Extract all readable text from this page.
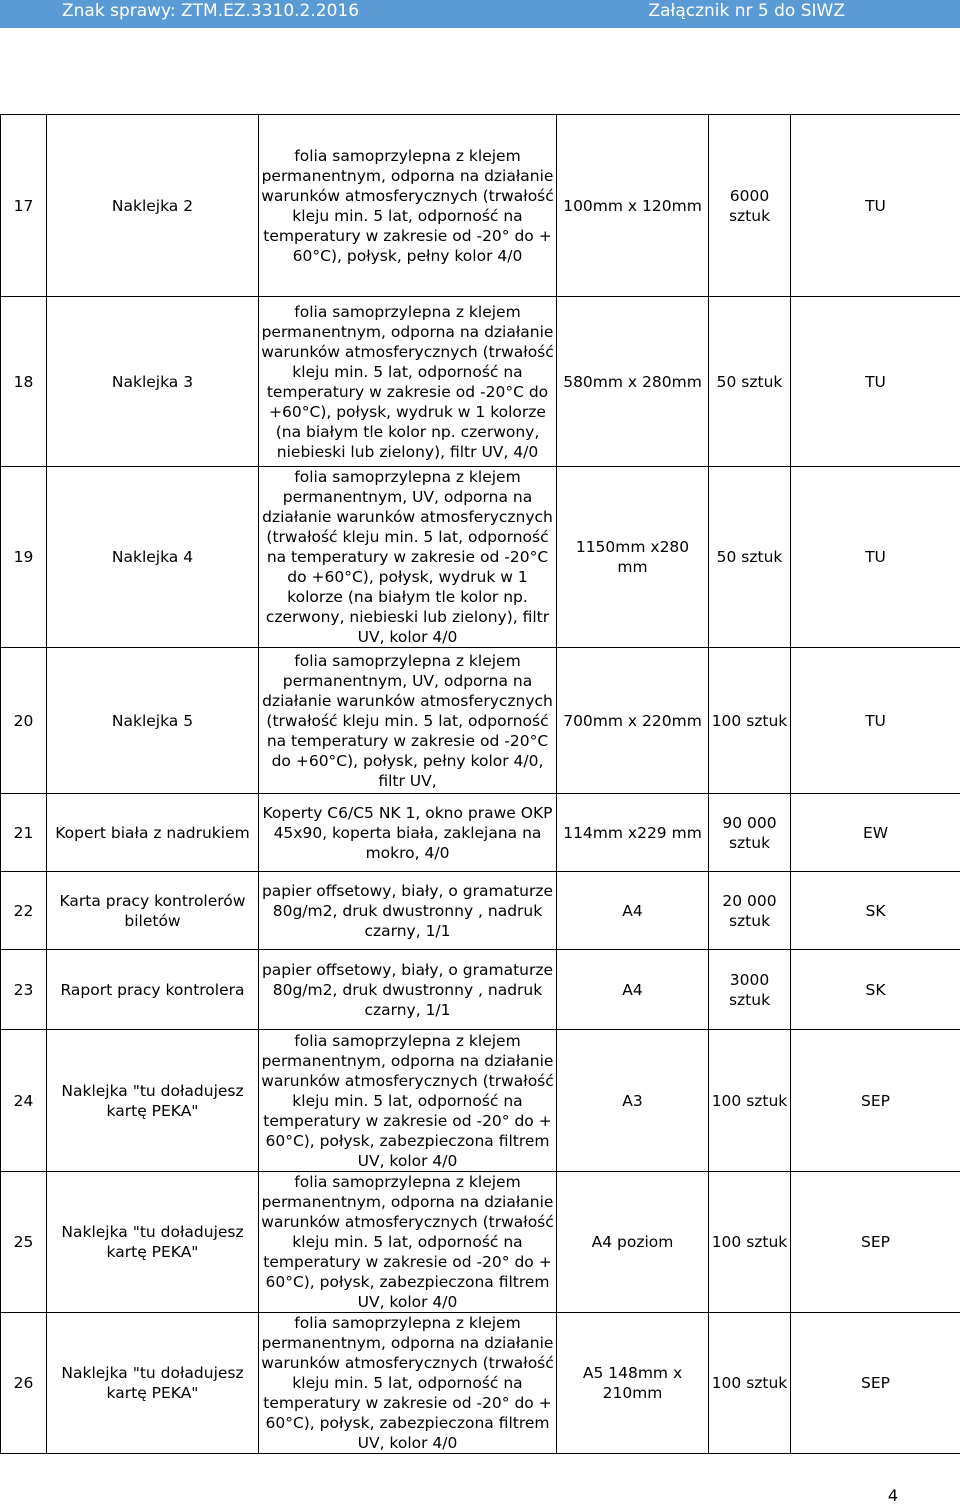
Znak sprawy: ZTM.EZ.3310.2.2016	Załącznik nr 5 do SIWZ
17	Naklejka 2	folia samoprzylepna z klejem permanentnym, odporna na działanie warunków atmosferycznych (trwałość kleju min. 5 lat, odporność na temperatury w zakresie od -20° do + 60°C), połysk, pełny kolor 4/0	100mm x 120mm	6000 sztuk	TU
18	Naklejka 3	folia samoprzylepna z klejem permanentnym, odporna na działanie warunków atmosferycznych (trwałość kleju min. 5 lat, odporność na temperatury w zakresie od -20°C do +60°C), połysk, wydruk w 1 kolorze (na białym tle kolor np. czerwony, niebieski lub zielony), filtr UV, 4/0	580mm x 280mm	50 sztuk	TU
19	Naklejka 4	folia samoprzylepna z klejem permanentnym, UV, odporna na działanie warunków atmosferycznych (trwałość kleju min. 5 lat, odporność na temperatury w zakresie od -20°C do +60°C), połysk, wydruk w 1 kolorze (na białym tle kolor np. czerwony, niebieski lub zielony), filtr UV, kolor 4/0	1150mm x280 mm	50 sztuk	TU
20	Naklejka 5	folia samoprzylepna z klejem permanentnym, UV, odporna na działanie warunków atmosferycznych (trwałość kleju min. 5 lat, odporność na temperatury w zakresie od -20°C do +60°C), połysk, pełny kolor 4/0, filtr UV,	700mm x 220mm	100 sztuk	TU
21	Kopert biała z nadrukiem	Koperty C6/C5 NK 1, okno prawe OKP 45x90, koperta biała, zaklejana na mokro, 4/0	114mm x229 mm	90 000 sztuk	EW
22	Karta pracy kontrolerów biletów	papier offsetowy, biały, o gramaturze 80g/m2, druk dwustronny , nadruk czarny, 1/1	A4	20 000 sztuk	SK
23	Raport pracy kontrolera	papier offsetowy, biały, o gramaturze 80g/m2, druk dwustronny , nadruk czarny, 1/1	A4	3000 sztuk	SK
24	Naklejka "tu doładujesz kartę PEKA"	folia samoprzylepna z klejem permanentnym, odporna na działanie warunków atmosferycznych (trwałość kleju min. 5 lat, odporność na temperatury w zakresie od -20° do + 60°C), połysk, zabezpieczona filtrem UV, kolor 4/0	A3	100 sztuk	SEP
25	Naklejka "tu doładujesz kartę PEKA"	folia samoprzylepna z klejem permanentnym, odporna na działanie warunków atmosferycznych (trwałość kleju min. 5 lat, odporność na temperatury w zakresie od -20° do + 60°C), połysk, zabezpieczona filtrem UV, kolor 4/0	A4 poziom	100 sztuk	SEP
26	Naklejka "tu doładujesz kartę PEKA"	folia samoprzylepna z klejem permanentnym, odporna na działanie warunków atmosferycznych (trwałość kleju min. 5 lat, odporność na temperatury w zakresie od -20° do + 60°C), połysk, zabezpieczona filtrem UV, kolor 4/0	A5 148mm x 210mm	100 sztuk	SEP
4
